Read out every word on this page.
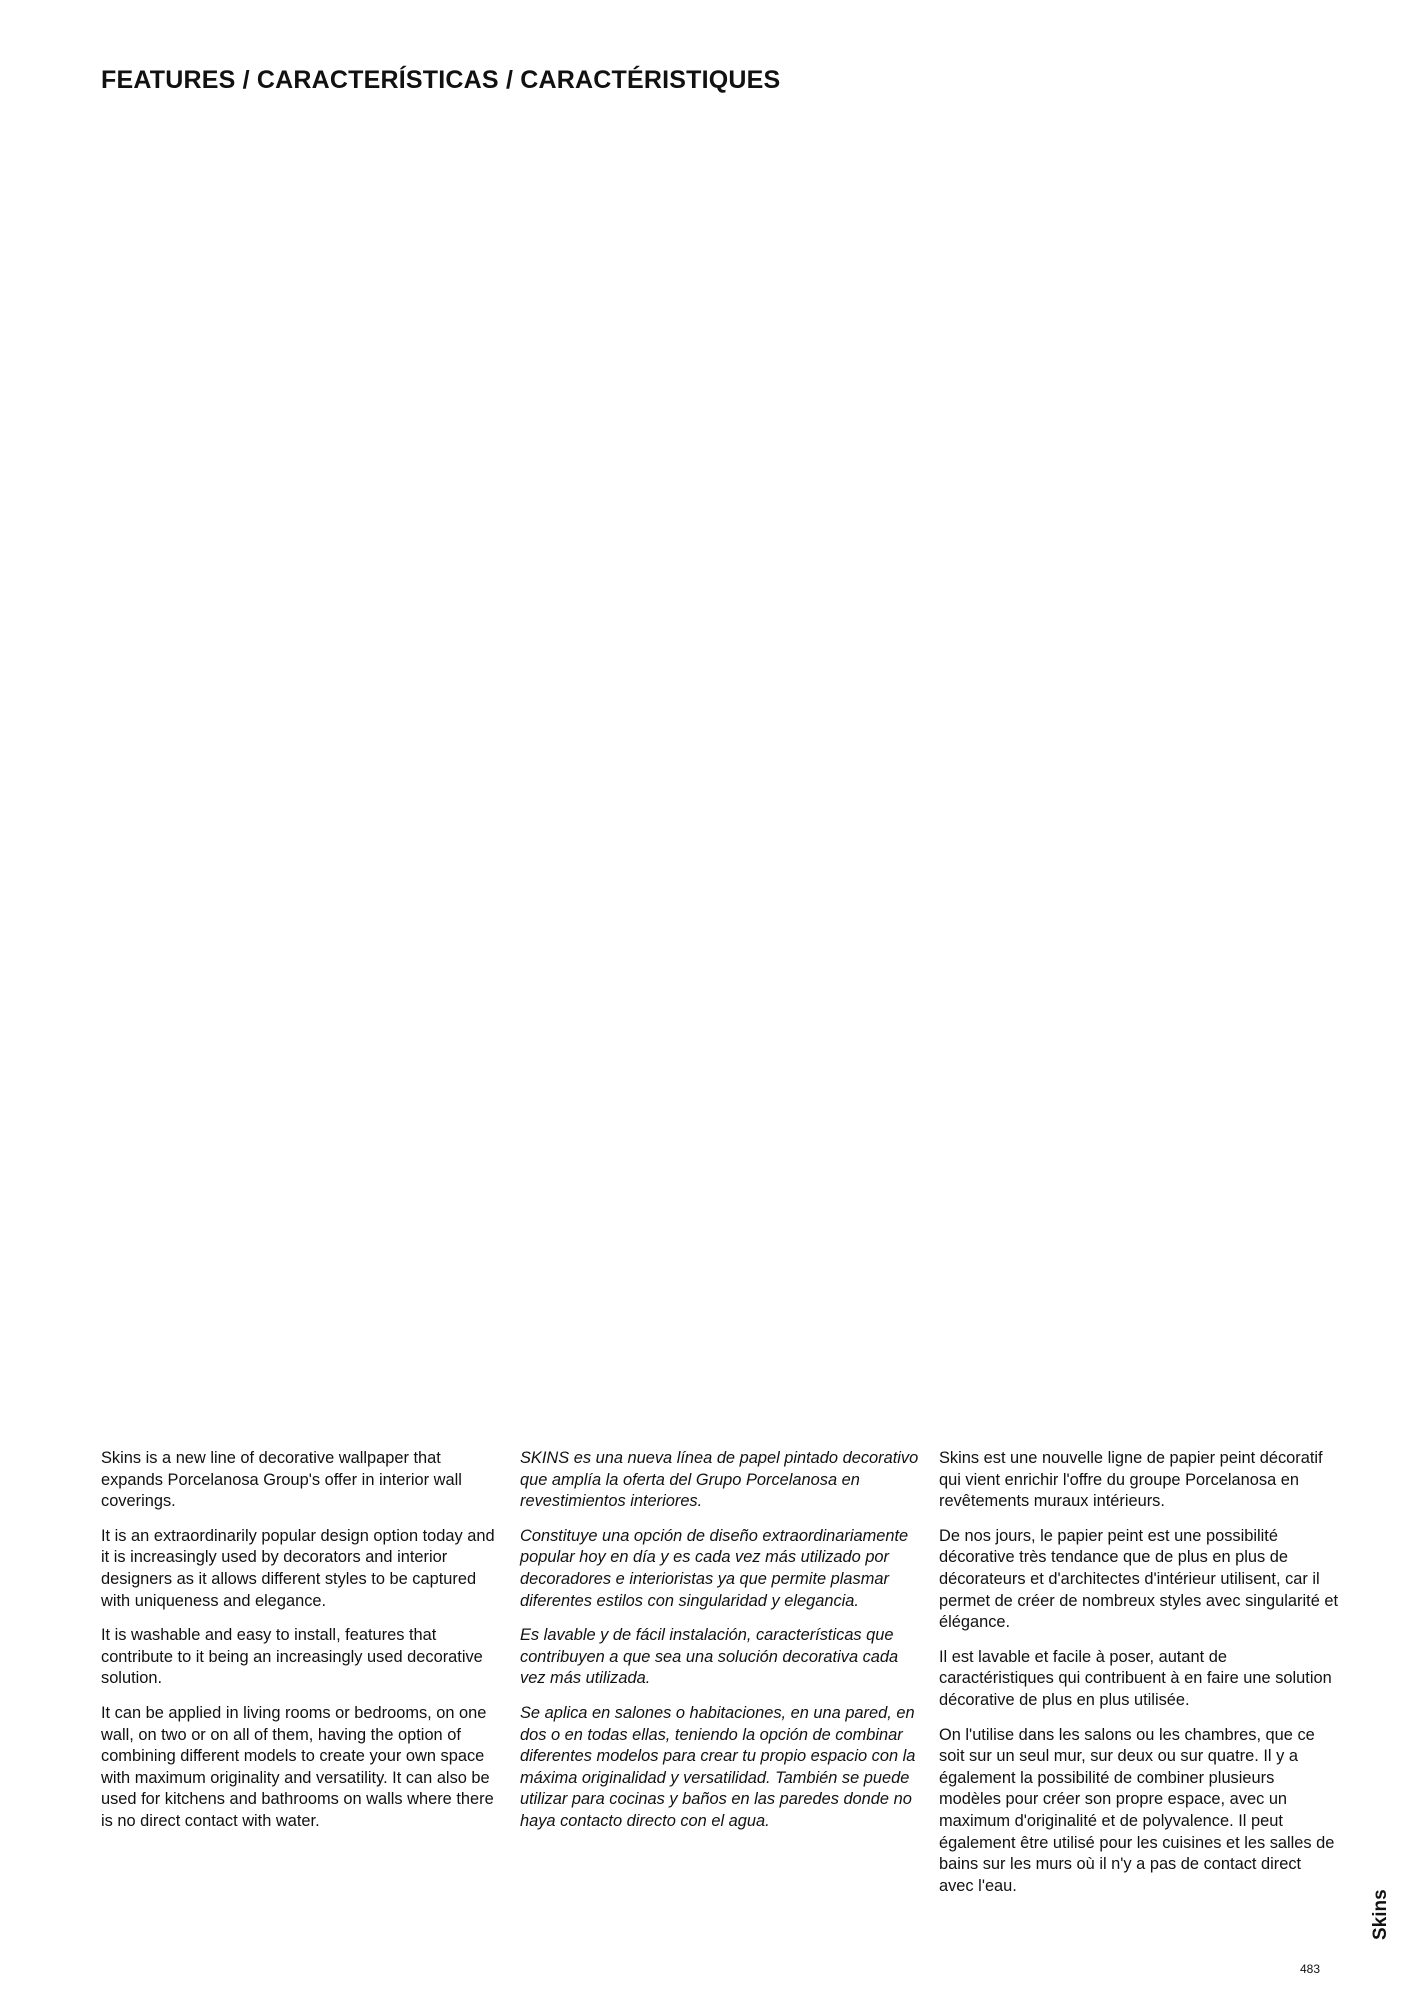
FEATURES / CARACTERÍSTICAS / CARACTÉRISTIQUES

Skins is a new line of decorative wallpaper that expands Porcelanosa Group's offer in interior wall coverings.

It is an extraordinarily popular design option today and it is increasingly used by decorators and interior designers as it allows different styles to be captured with uniqueness and elegance.

It is washable and easy to install, features that contribute to it being an increasingly used decorative solution.

It can be applied in living rooms or bedrooms, on one wall, on two or on all of them, having the option of combining different models to create your own space with maximum originality and versatility. It can also be used for kitchens and bathrooms on walls where there is no direct contact with water.

SKINS es una nueva línea de papel pintado decorativo que amplía la oferta del Grupo Porcelanosa en revestimientos interiores.

Constituye una opción de diseño extraordinariamente popular hoy en día y es cada vez más utilizado por decoradores e interioristas ya que permite plasmar diferentes estilos con singularidad y elegancia.

Es lavable y de fácil instalación, características que contribuyen a que sea una solución decorativa cada vez más utilizada.

Se aplica en salones o habitaciones, en una pared, en dos o en todas ellas, teniendo la opción de combinar diferentes modelos para crear tu propio espacio con la máxima originalidad y versatilidad. También se puede utilizar para cocinas y baños en las paredes donde no haya contacto directo con el agua.

Skins est une nouvelle ligne de papier peint décoratif qui vient enrichir l'offre du groupe Porcelanosa en revêtements muraux intérieurs.

De nos jours, le papier peint est une possibilité décorative très tendance que de plus en plus de décorateurs et d'architectes d'intérieur utilisent, car il permet de créer de nombreux styles avec singularité et élégance.

Il est lavable et facile à poser, autant de caractéristiques qui contribuent à en faire une solution décorative de plus en plus utilisée.

On l'utilise dans les salons ou les chambres, que ce soit sur un seul mur, sur deux ou sur quatre. Il y a également la possibilité de combiner plusieurs modèles pour créer son propre espace, avec un maximum d'originalité et de polyvalence. Il peut également être utilisé pour les cuisines et les salles de bains sur les murs où il n'y a pas de contact direct avec l'eau.

483
Skins
